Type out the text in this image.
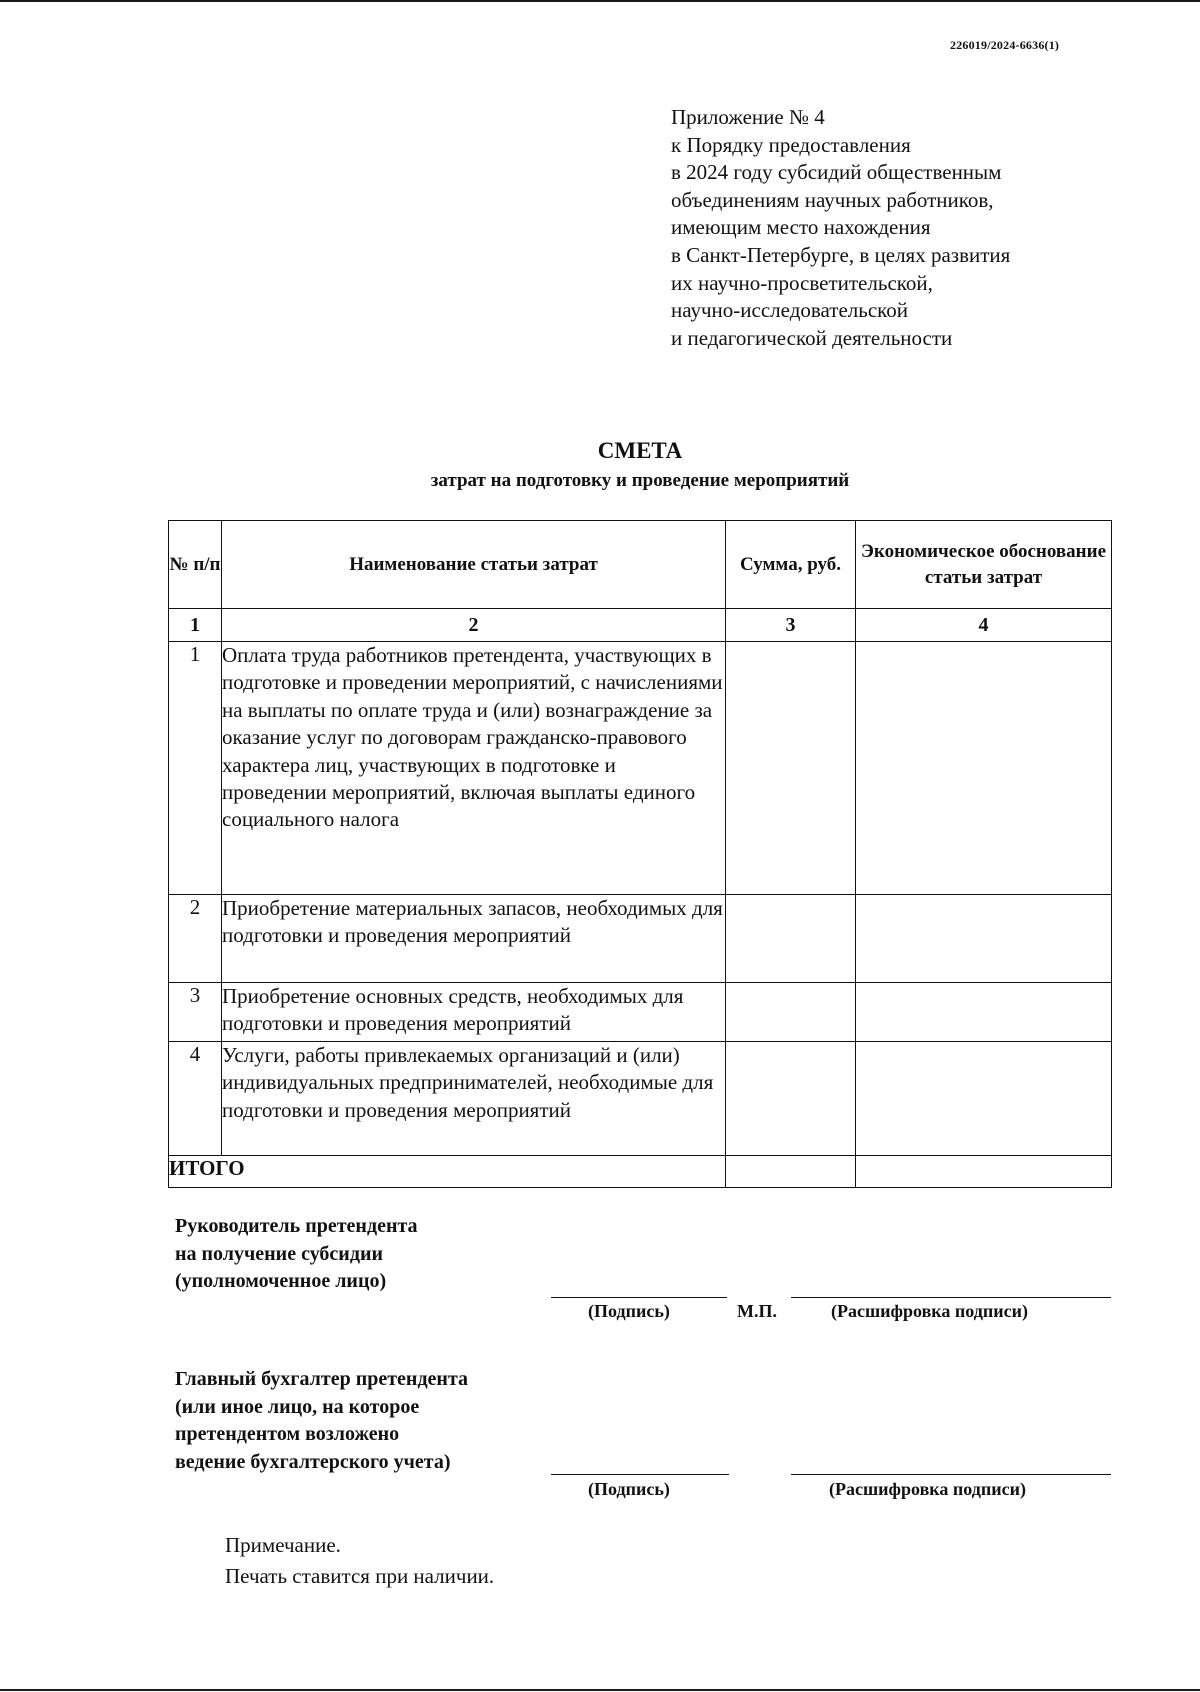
226019/2024-6636(1)
Приложение № 4
к Порядку предоставления
в 2024 году субсидий общественным
объединениям научных работников,
имеющим место нахождения
в Санкт-Петербурге, в целях развития
их научно-просветительской,
научно-исследовательской
и педагогической деятельности
СМЕТА
затрат на подготовку и проведение мероприятий
№ п/п	Наименование статьи затрат	Сумма, руб.	Экономическое обоснование статьи затрат
1	2	3	4
1	Оплата труда работников претендента, участвующих в подготовке и проведении мероприятий, с начислениями на выплаты по оплате труда и (или) вознаграждение за оказание услуг по договорам гражданско-правового характера лиц, участвующих в подготовке и проведении мероприятий, включая выплаты единого социального налога		
2	Приобретение материальных запасов, необходимых для подготовки и проведения мероприятий		
3	Приобретение основных средств, необходимых для подготовки и проведения мероприятий		
4	Услуги, работы привлекаемых организаций и (или) индивидуальных предпринимателей, необходимые для подготовки и проведения мероприятий		
ИТОГО			
Руководитель претендента
на получение субсидии
(уполномоченное лицо)
(Подпись)	М.П.	(Расшифровка подписи)
Главный бухгалтер претендента
(или иное лицо, на которое
претендентом возложено
ведение бухгалтерского учета)
(Подпись)	(Расшифровка подписи)
Примечание.
Печать ставится при наличии.
